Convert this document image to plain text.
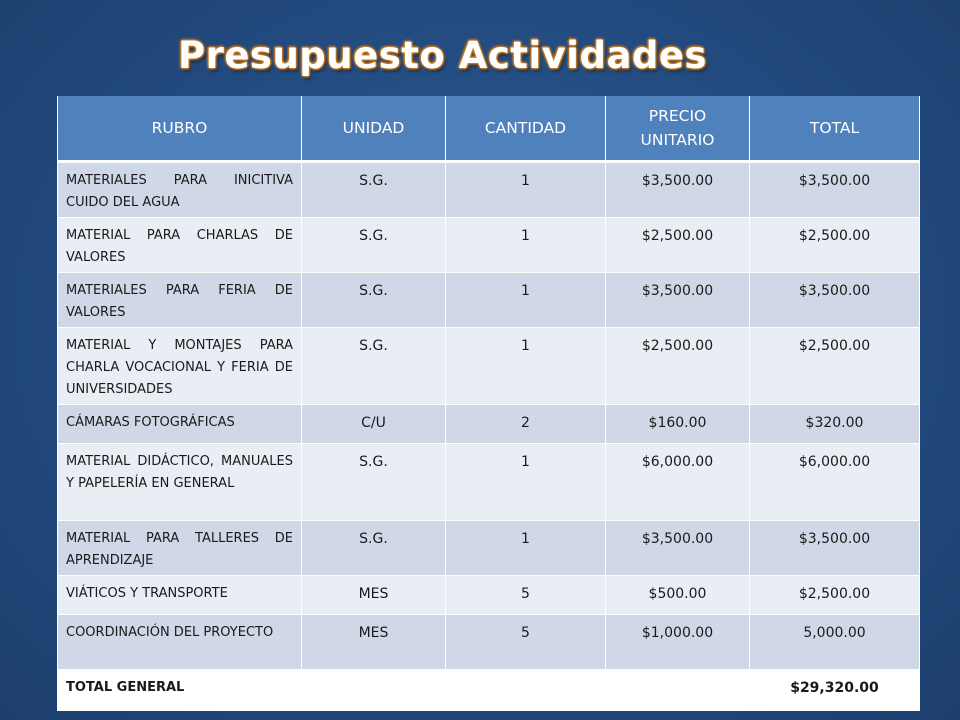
Presupuesto Actividades
RUBRO	UNIDAD	CANTIDAD	PRECIO UNITARIO	TOTAL
MATERIALES PARA INICITIVA CUIDO DEL AGUA	S.G.	1	$3,500.00	$3,500.00
MATERIAL PARA CHARLAS DE VALORES	S.G.	1	$2,500.00	$2,500.00
MATERIALES PARA FERIA DE VALORES	S.G.	1	$3,500.00	$3,500.00
MATERIAL Y MONTAJES PARA CHARLA VOCACIONAL Y FERIA DE UNIVERSIDADES	S.G.	1	$2,500.00	$2,500.00
CÁMARAS FOTOGRÁFICAS	C/U	2	$160.00	$320.00
MATERIAL DIDÁCTICO, MANUALES Y PAPELERÍA EN GENERAL	S.G.	1	$6,000.00	$6,000.00
MATERIAL PARA TALLERES DE APRENDIZAJE	S.G.	1	$3,500.00	$3,500.00
VIÁTICOS Y TRANSPORTE	MES	5	$500.00	$2,500.00
COORDINACIÓN DEL PROYECTO	MES	5	$1,000.00	5,000.00
TOTAL GENERAL				$29,320.00
